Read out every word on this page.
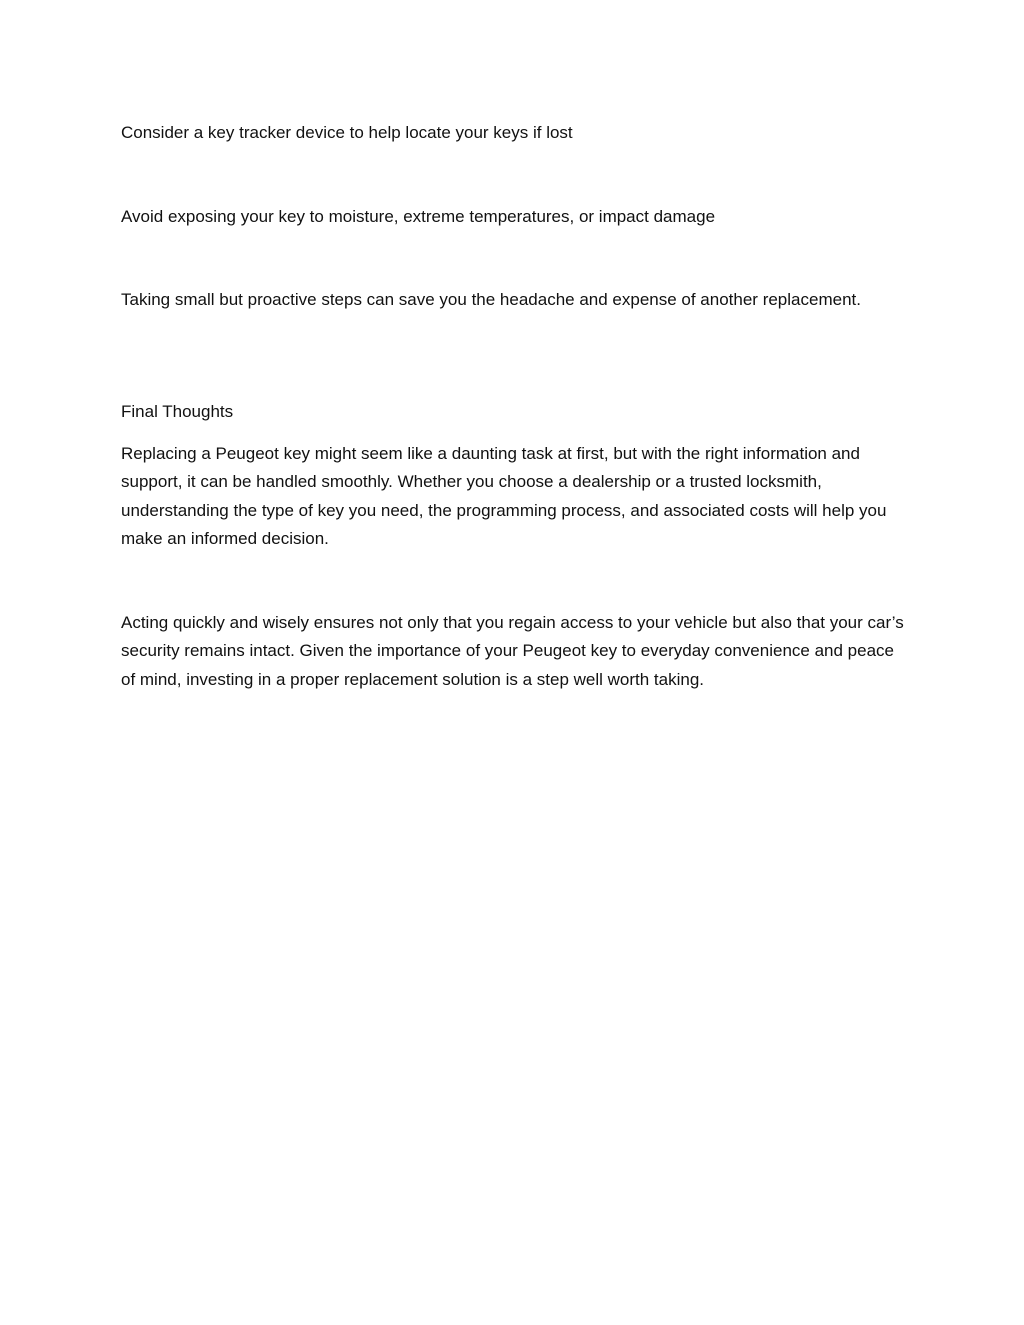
Consider a key tracker device to help locate your keys if lost

Avoid exposing your key to moisture, extreme temperatures, or impact damage

Taking small but proactive steps can save you the headache and expense of another replacement.

Final Thoughts

Replacing a Peugeot key might seem like a daunting task at first, but with the right information and support, it can be handled smoothly. Whether you choose a dealership or a trusted locksmith, understanding the type of key you need, the programming process, and associated costs will help you make an informed decision.

Acting quickly and wisely ensures not only that you regain access to your vehicle but also that your car’s security remains intact. Given the importance of your Peugeot key to everyday convenience and peace of mind, investing in a proper replacement solution is a step well worth taking.
